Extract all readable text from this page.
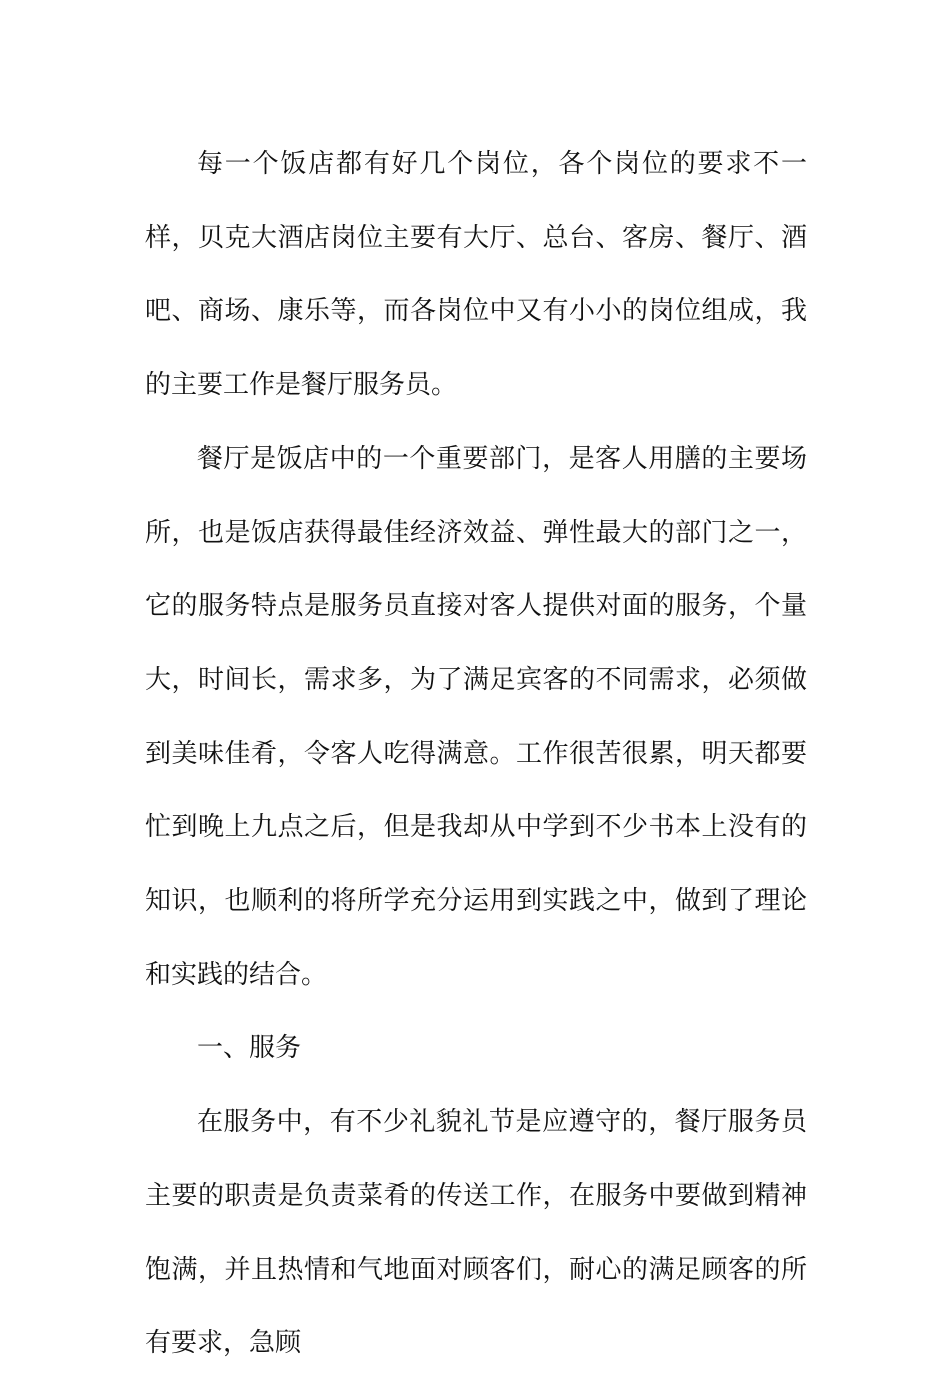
每一个饭店都有好几个岗位，各个岗位的要求不一样，贝克大酒店岗位主要有大厅、总台、客房、餐厅、酒吧、商场、康乐等，而各岗位中又有小小的岗位组成，我的主要工作是餐厅服务员。

餐厅是饭店中的一个重要部门，是客人用膳的主要场所，也是饭店获得最佳经济效益、弹性最大的部门之一，它的服务特点是服务员直接对客人提供对面的服务，个量大，时间长，需求多，为了满足宾客的不同需求，必须做到美味佳肴，令客人吃得满意。工作很苦很累，明天都要忙到晚上九点之后，但是我却从中学到不少书本上没有的知识，也顺利的将所学充分运用到实践之中，做到了理论和实践的结合。

一、服务

在服务中，有不少礼貌礼节是应遵守的，餐厅服务员主要的职责是负责菜肴的传送工作，在服务中要做到精神饱满，并且热情和气地面对顾客们，耐心的满足顾客的所有要求，急顾
